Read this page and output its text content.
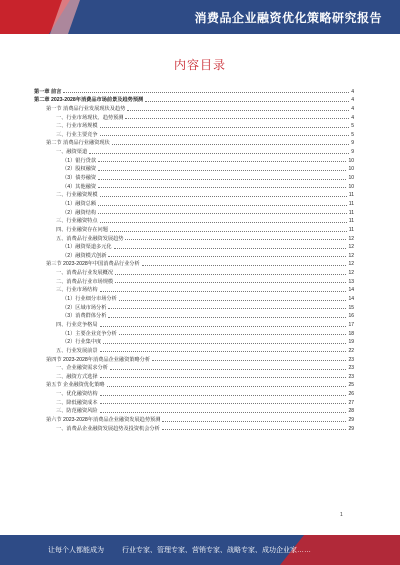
消费品企业融资优化策略研究报告
内容目录
第一章 前言	4
第二章 2023-2028年消费品市场前景及趋势预测	4
第一节 消费品行业发展现状及趋势	4
一、行业市场现状、趋势预测	4
二、行业市场规模	5
三、行业主要竞争	5
第二节 消费品行业融资现状	9
一、融资渠道	9
（1）银行贷款	10
（2）股权融资	10
（3）债券融资	10
（4）其他融资	10
二、行业融资规模	11
（1）融资总额	11
（2）融资结构	11
三、行业融资特点	11
四、行业融资存在问题	11
五、消费品行业融资发展趋势	12
（1）融资渠道多元化	12
（2）融资模式创新	12
第三节 2023-2028年中国消费品行业分析	12
一、消费品行业发展概况	12
二、消费品行业市场规模	13
三、行业市场结构	14
（1）行业细分市场分析	14
（2）区域市场分析	15
（3）消费群体分析	16
四、行业竞争格局	17
（1）主要企业竞争分析	18
（2）行业集中度	19
五、行业发展前景	22
第四节 2023-2028年消费品企业融资策略分析	23
一、企业融资需求分析	23
二、融资方式选择	23
第五节 企业融资优化策略	25
一、优化融资结构	26
二、降低融资成本	27
三、防范融资风险	28
第六节 2023-2028年消费品企业融资发展趋势预测	29
一、消费品企业融资发展趋势及投资机会分析	29
1
让每个人都能成为	行业专家、管理专家、营销专家、战略专家、成功企业家……
